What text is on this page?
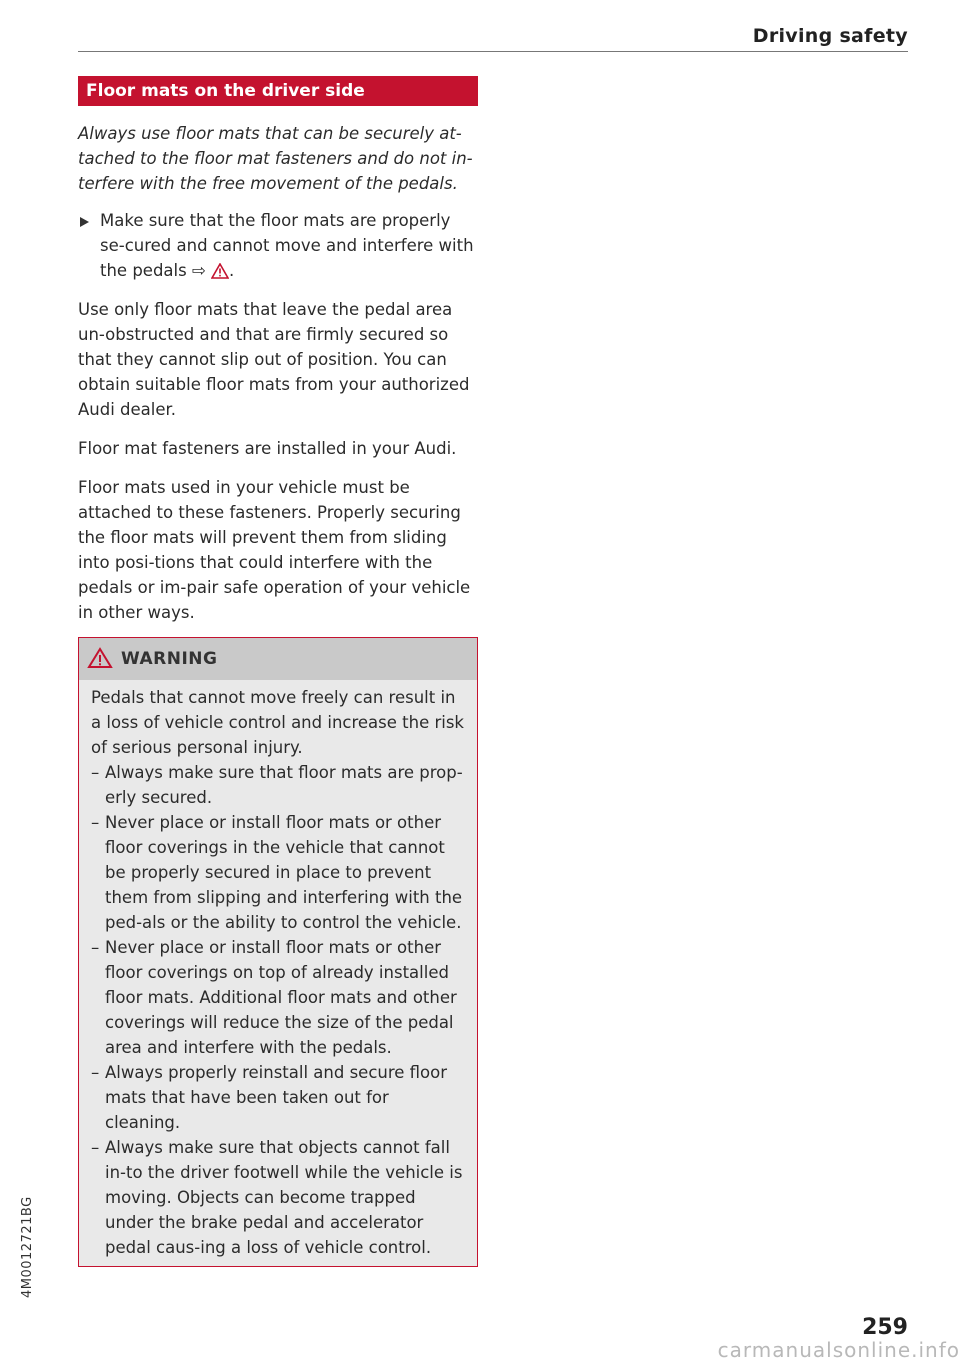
Driving safety
Floor mats on the driver side

Always use floor mats that can be securely at-tached to the floor mat fasteners and do not in-terfere with the free movement of the pedals.

Make sure that the floor mats are properly se-cured and cannot move and interfere with the pedals ⇨ .

Use only floor mats that leave the pedal area un-obstructed and that are firmly secured so that they cannot slip out of position. You can obtain suitable floor mats from your authorized Audi dealer.

Floor mat fasteners are installed in your Audi.

Floor mats used in your vehicle must be attached to these fasteners. Properly securing the floor mats will prevent them from sliding into posi-tions that could interfere with the pedals or im-pair safe operation of your vehicle in other ways.

WARNING

Pedals that cannot move freely can result in a loss of vehicle control and increase the risk of serious personal injury.

– Always make sure that floor mats are prop-erly secured.
– Never place or install floor mats or other floor coverings in the vehicle that cannot be properly secured in place to prevent them from slipping and interfering with the ped-als or the ability to control the vehicle.
– Never place or install floor mats or other floor coverings on top of already installed floor mats. Additional floor mats and other coverings will reduce the size of the pedal area and interfere with the pedals.
– Always properly reinstall and secure floor mats that have been taken out for cleaning.
– Always make sure that objects cannot fall in-to the driver footwell while the vehicle is moving. Objects can become trapped under the brake pedal and accelerator pedal caus-ing a loss of vehicle control.
4M0012721BG
259
carmanualsonline.info
